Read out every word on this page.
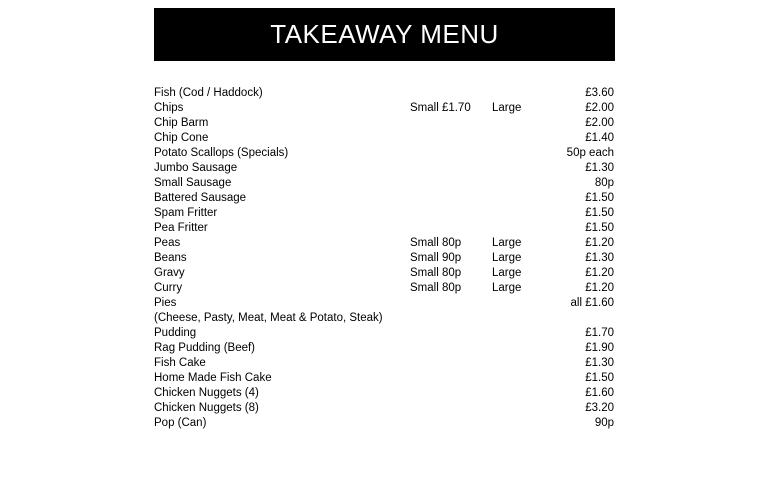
TAKEAWAY MENU
Fish (Cod / Haddock)	£3.60
Chips	Small £1.70	Large	£2.00
Chip Barm	£2.00
Chip Cone	£1.40
Potato Scallops (Specials)	50p each
Jumbo Sausage	£1.30
Small Sausage	80p
Battered Sausage	£1.50
Spam Fritter	£1.50
Pea Fritter	£1.50
Peas	Small 80p	Large	£1.20
Beans	Small 90p	Large	£1.30
Gravy	Small 80p	Large	£1.20
Curry	Small 80p	Large	£1.20
Pies	all £1.60
(Cheese, Pasty, Meat, Meat & Potato, Steak)
Pudding	£1.70
Rag Pudding (Beef)	£1.90
Fish Cake	£1.30
Home Made Fish Cake	£1.50
Chicken Nuggets (4)	£1.60
Chicken Nuggets (8)	£3.20
Pop (Can)	90p
